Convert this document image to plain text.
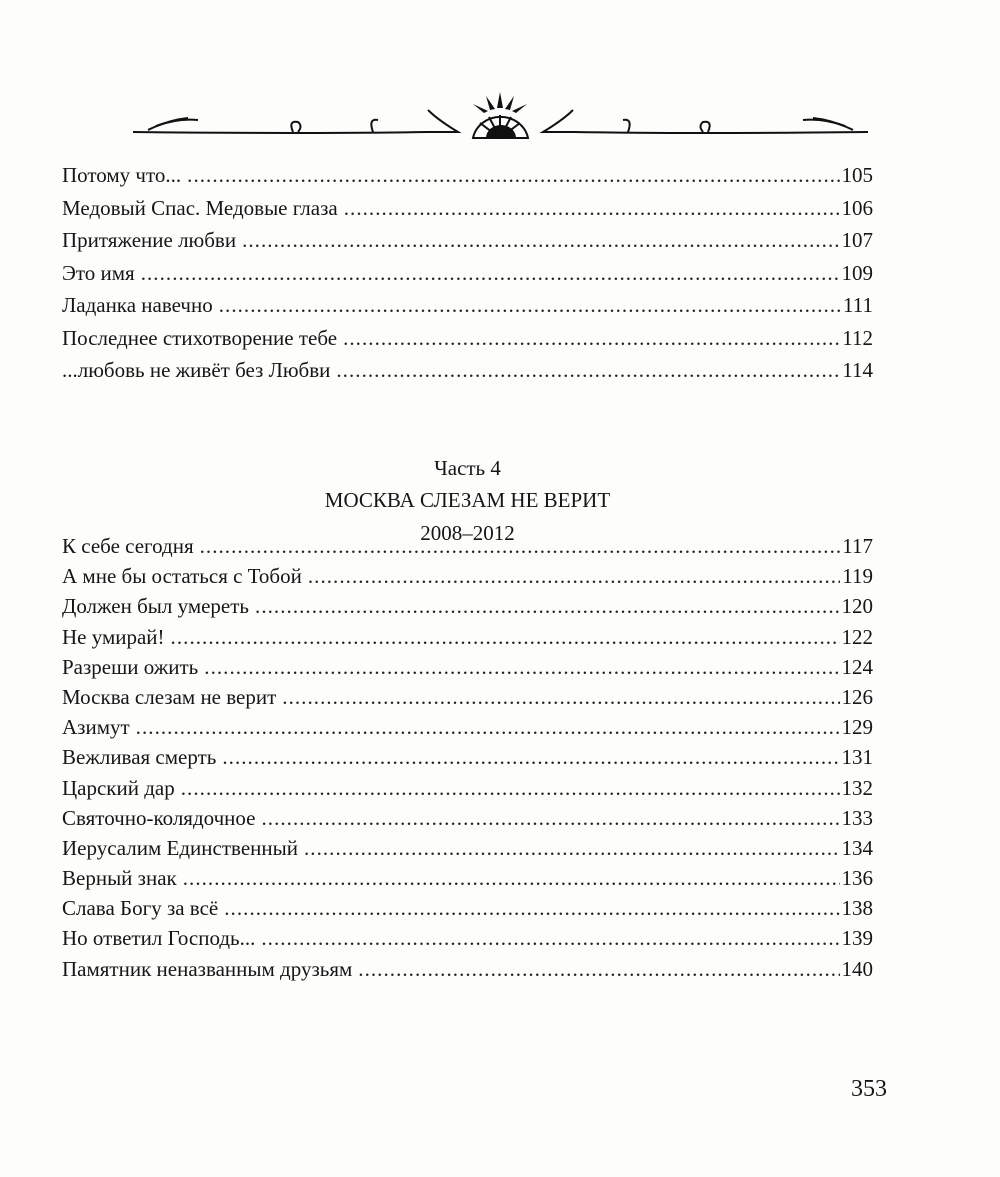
Потому что... . . .	105
Медовый Спас. Медовые глаза . . .	106
Притяжение любви . . .	107
Это имя . . .	109
Ладанка навечно . . .	111
Последнее стихотворение тебе . . .	112
...любовь не живёт без Любви . . .	114
Часть 4
МОСКВА СЛЕЗАМ НЕ ВЕРИТ
2008–2012
К себе сегодня . . .	117
А мне бы остаться с Тобой . . .	119
Должен был умереть . . .	120
Не умирай! . . .	122
Разреши ожить . . .	124
Москва слезам не верит . . .	126
Азимут . . .	129
Вежливая смерть . . .	131
Царский дар . . .	132
Святочно-колядочное . . .	133
Иерусалим Единственный . . .	134
Верный знак . . .	136
Слава Богу за всё . . .	138
Но ответил Господь... . . .	139
Памятник неназванным друзьям . . .	140
353
